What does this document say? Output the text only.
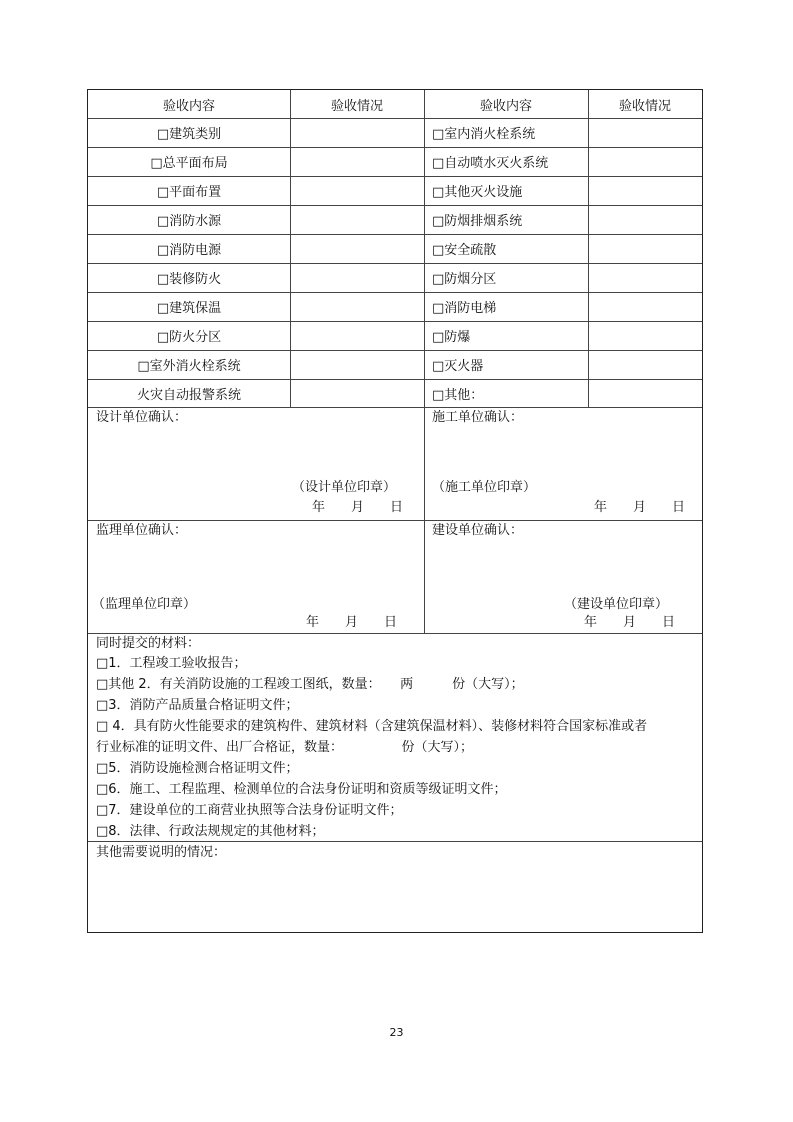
验收内容	验收情况	验收内容	验收情况
□建筑类别	□室内消火栓系统
□总平面布局	□自动喷水灭火系统
□平面布置	□其他灭火设施
□消防水源	□防烟排烟系统
□消防电源	□安全疏散
□装修防火	□防烟分区
□建筑保温	□消防电梯
□防火分区	□防爆
□室外消火栓系统	□灭火器
火灾自动报警系统	□其他：
设计单位确认：
（设计单位印章）
年　　月　　日
施工单位确认：
（施工单位印章）
年　　月　　日
监理单位确认：
（监理单位印章）
年　　月　　日
建设单位确认：
（建设单位印章）
年　　月　　日
同时提交的材料：
□1．工程竣工验收报告；
□其他 2．有关消防设施的工程竣工图纸，数量：　　两　　　份（大写）；
□3．消防产品质量合格证明文件；
□ 4．具有防火性能要求的建筑构件、建筑材料（含建筑保温材料）、装修材料符合国家标准或者
行业标准的证明文件、出厂合格证，数量：　　　　　份（大写）；
□5．消防设施检测合格证明文件；
□6．施工、工程监理、检测单位的合法身份证明和资质等级证明文件；
□7．建设单位的工商营业执照等合法身份证明文件；
□8．法律、行政法规规定的其他材料；
其他需要说明的情况：
23
